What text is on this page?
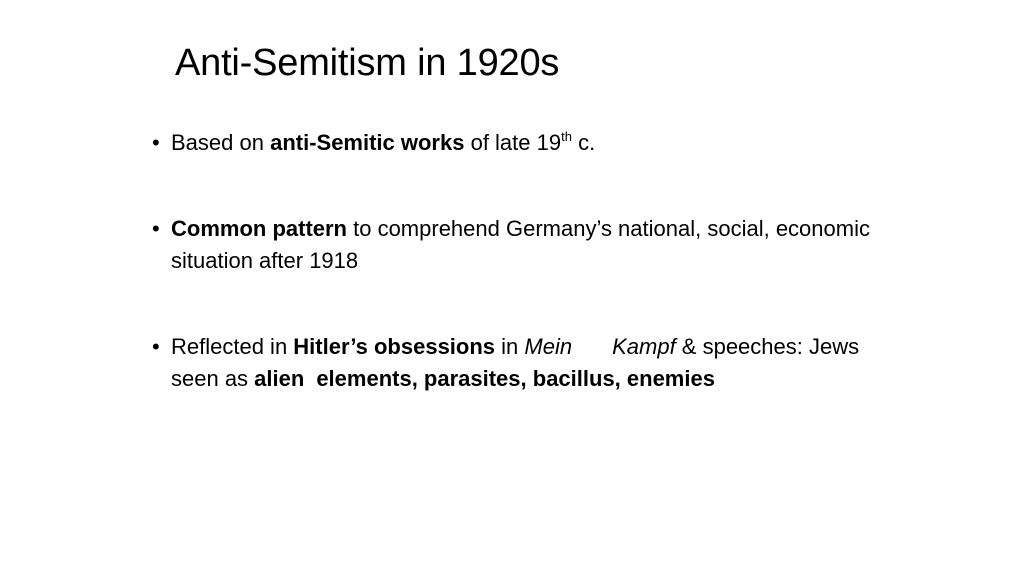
Anti-Semitism in 1920s
• Based on anti-Semitic works of late 19th c.
• Common pattern to comprehend Germany’s national, social, economic situation after 1918
• Reflected in Hitler’s obsessions in Mein Kampf & speeches: Jews seen as alien elements, parasites, bacillus, enemies
